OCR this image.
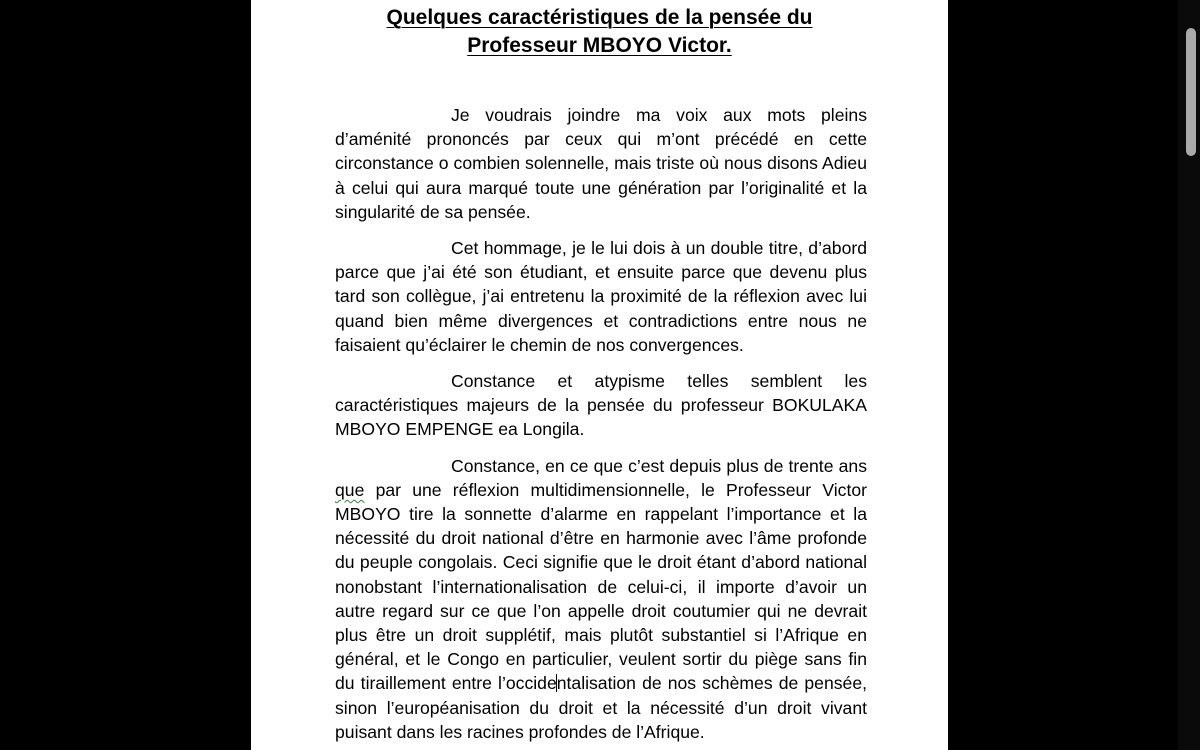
Quelques caractéristiques de la pensée du
Professeur MBOYO Victor.

Je voudrais joindre ma voix aux mots pleins d’aménité prononcés par ceux qui m’ont précédé en cette circonstance o combien solennelle, mais triste où nous disons Adieu à celui qui aura marqué toute une génération par l’originalité et la singularité de sa pensée.

Cet hommage, je le lui dois à un double titre, d’abord parce que j’ai été son étudiant, et ensuite parce que devenu plus tard son collègue, j’ai entretenu la proximité de la réflexion avec lui quand bien même divergences et contradictions entre nous ne faisaient qu’éclairer le chemin de nos convergences.

Constance et atypisme telles semblent les caractéristiques majeurs de la pensée du professeur BOKULAKA MBOYO EMPENGE ea Longila.

Constance, en ce que c’est depuis plus de trente ans que par une réflexion multidimensionnelle, le Professeur Victor MBOYO tire la sonnette d’alarme en rappelant l’importance et la nécessité du droit national d’être en harmonie avec l’âme profonde du peuple congolais. Ceci signifie que le droit étant d’abord national nonobstant l’internationalisation de celui-ci, il importe d’avoir un autre regard sur ce que l’on appelle droit coutumier qui ne devrait plus être un droit supplétif, mais plutôt substantiel si l’Afrique en général, et le Congo en particulier, veulent sortir du piège sans fin du tiraillement entre l’occidentalisation de nos schèmes de pensée, sinon l’européanisation du droit et la nécessité d’un droit vivant puisant dans les racines profondes de l’Afrique.
